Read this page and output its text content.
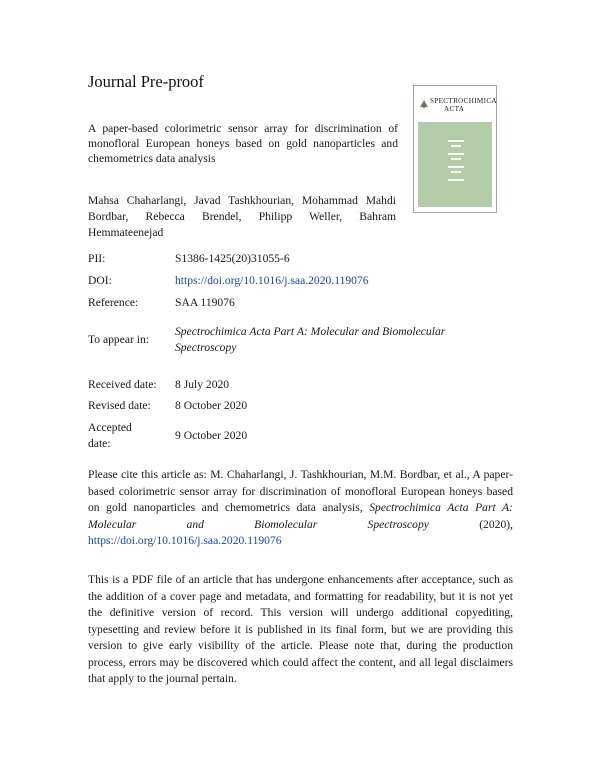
Journal Pre-proof
A paper-based colorimetric sensor array for discrimination of monofloral European honeys based on gold nanoparticles and chemometrics data analysis
Mahsa Chaharlangi, Javad Tashkhourian, Mohammad Mahdi Bordbar, Rebecca Brendel, Philipp Weller, Bahram Hemmateenejad
SPECTROCHIMICA
ACTA
PII:	S1386-1425(20)31055-6
DOI:	https://doi.org/10.1016/j.saa.2020.119076
Reference:	SAA 119076
To appear in:
Spectrochimica Acta Part A: Molecular and Biomolecular Spectroscopy
Received date:	8 July 2020
Revised date:	8 October 2020
Accepted date:
9 October 2020
Please cite this article as: M. Chaharlangi, J. Tashkhourian, M.M. Bordbar, et al., A paper-based colorimetric sensor array for discrimination of monofloral European honeys based on gold nanoparticles and chemometrics data analysis, Spectrochimica Acta Part A: Molecular and Biomolecular Spectroscopy (2020), https://doi.org/10.1016/j.saa.2020.119076
This is a PDF file of an article that has undergone enhancements after acceptance, such as the addition of a cover page and metadata, and formatting for readability, but it is not yet the definitive version of record. This version will undergo additional copyediting, typesetting and review before it is published in its final form, but we are providing this version to give early visibility of the article. Please note that, during the production process, errors may be discovered which could affect the content, and all legal disclaimers that apply to the journal pertain.
